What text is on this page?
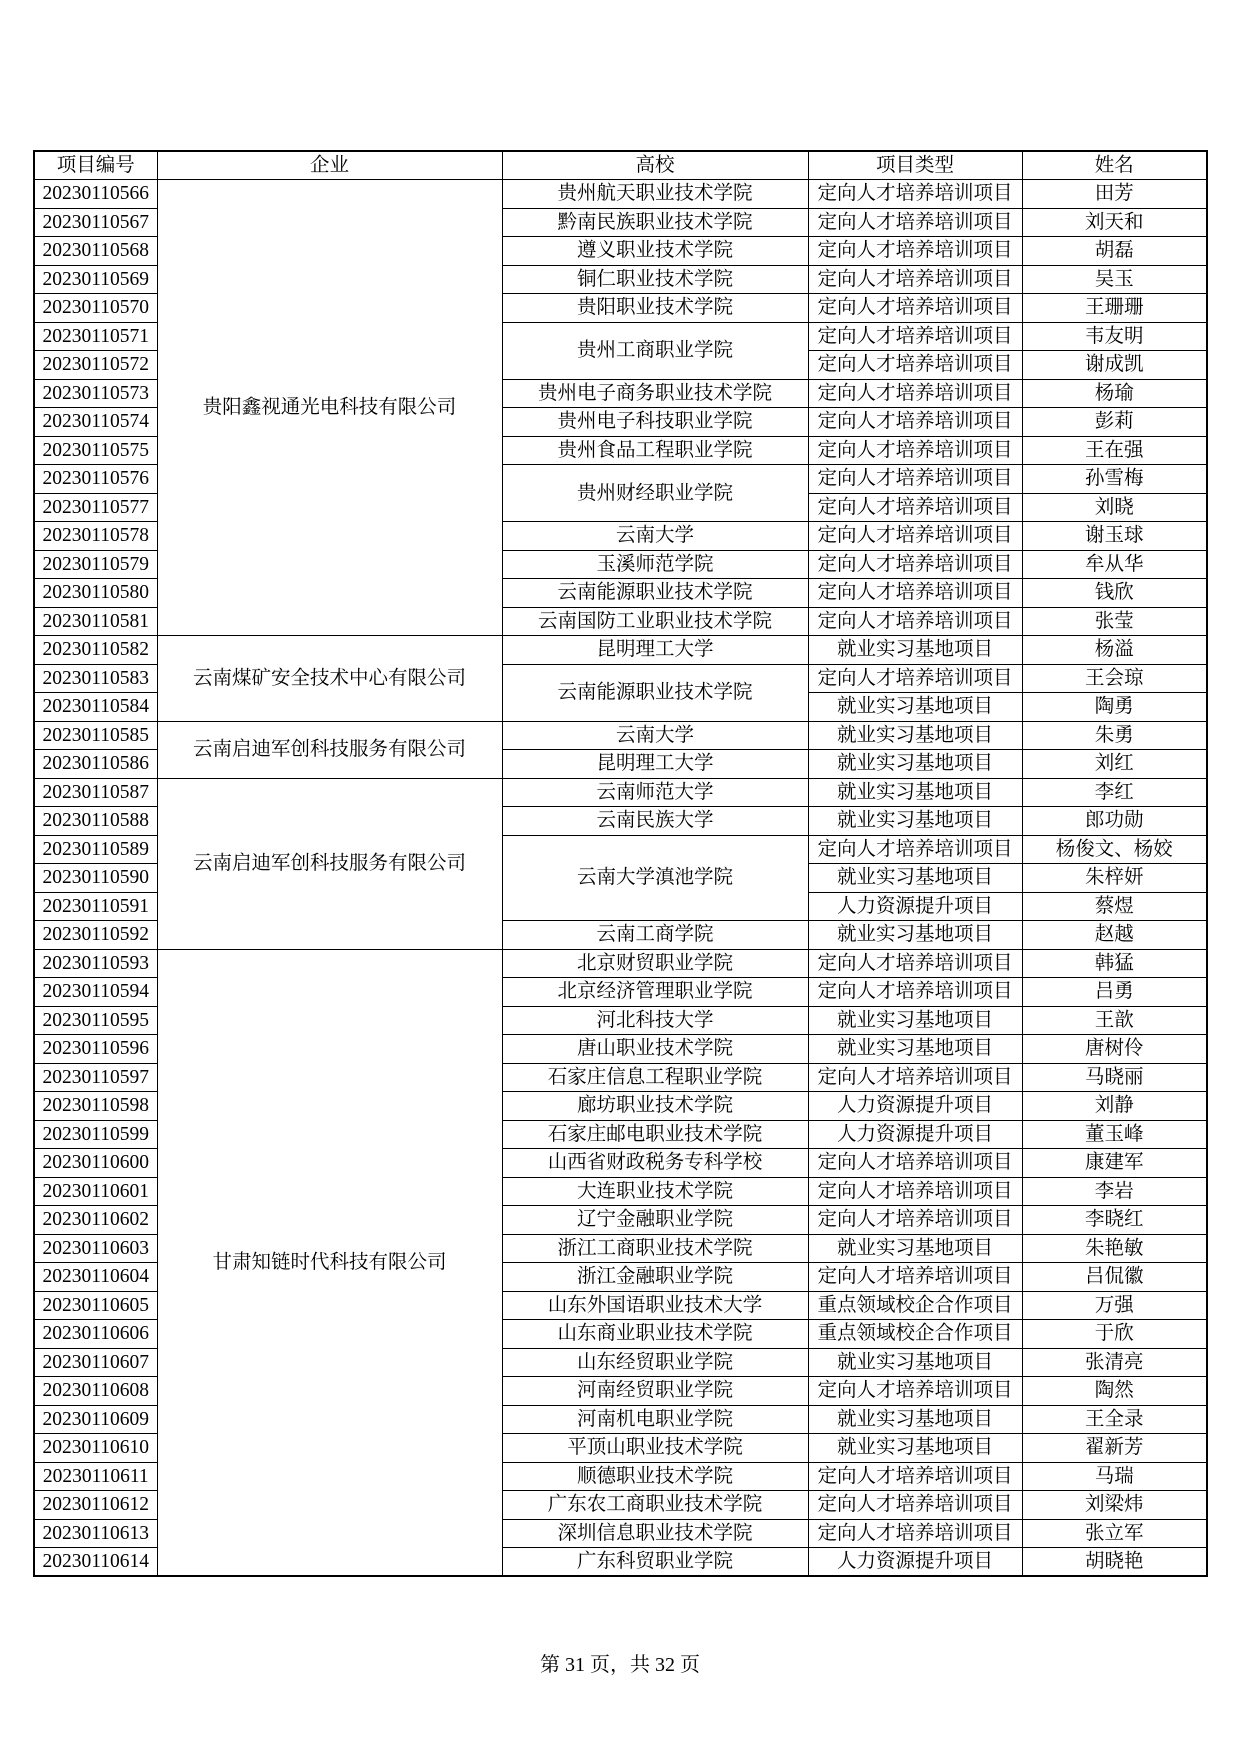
项目编号	企业	高校	项目类型	姓名
20230110566	贵阳鑫视通光电科技有限公司	贵州航天职业技术学院	定向人才培养培训项目	田芳
20230110567		黔南民族职业技术学院	定向人才培养培训项目	刘天和
20230110568		遵义职业技术学院	定向人才培养培训项目	胡磊
20230110569		铜仁职业技术学院	定向人才培养培训项目	吴玉
20230110570		贵阳职业技术学院	定向人才培养培训项目	王珊珊
20230110571		贵州工商职业学院	定向人才培养培训项目	韦友明
20230110572			定向人才培养培训项目	谢成凯
20230110573		贵州电子商务职业技术学院	定向人才培养培训项目	杨瑜
20230110574		贵州电子科技职业学院	定向人才培养培训项目	彭莉
20230110575		贵州食品工程职业学院	定向人才培养培训项目	王在强
20230110576		贵州财经职业学院	定向人才培养培训项目	孙雪梅
20230110577			定向人才培养培训项目	刘晓
20230110578		云南大学	定向人才培养培训项目	谢玉球
20230110579		玉溪师范学院	定向人才培养培训项目	牟从华
20230110580		云南能源职业技术学院	定向人才培养培训项目	钱欣
20230110581		云南国防工业职业技术学院	定向人才培养培训项目	张莹
20230110582	云南煤矿安全技术中心有限公司	昆明理工大学	就业实习基地项目	杨溢
20230110583		云南能源职业技术学院	定向人才培养培训项目	王会琼
20230110584			就业实习基地项目	陶勇
20230110585	云南启迪军创科技服务有限公司	云南大学	就业实习基地项目	朱勇
20230110586		昆明理工大学	就业实习基地项目	刘红
20230110587	云南启迪军创科技服务有限公司	云南师范大学	就业实习基地项目	李红
20230110588		云南民族大学	就业实习基地项目	郎功勋
20230110589		云南大学滇池学院	定向人才培养培训项目	杨俊文、杨姣
20230110590			就业实习基地项目	朱梓妍
20230110591			人力资源提升项目	蔡煜
20230110592		云南工商学院	就业实习基地项目	赵越
20230110593	甘肃知链时代科技有限公司	北京财贸职业学院	定向人才培养培训项目	韩猛
20230110594		北京经济管理职业学院	定向人才培养培训项目	吕勇
20230110595		河北科技大学	就业实习基地项目	王歆
20230110596		唐山职业技术学院	就业实习基地项目	唐树伶
20230110597		石家庄信息工程职业学院	定向人才培养培训项目	马晓丽
20230110598		廊坊职业技术学院	人力资源提升项目	刘静
20230110599		石家庄邮电职业技术学院	人力资源提升项目	董玉峰
20230110600		山西省财政税务专科学校	定向人才培养培训项目	康建军
20230110601		大连职业技术学院	定向人才培养培训项目	李岩
20230110602		辽宁金融职业学院	定向人才培养培训项目	李晓红
20230110603		浙江工商职业技术学院	就业实习基地项目	朱艳敏
20230110604		浙江金融职业学院	定向人才培养培训项目	吕侃徽
20230110605		山东外国语职业技术大学	重点领域校企合作项目	万强
20230110606		山东商业职业技术学院	重点领域校企合作项目	于欣
20230110607		山东经贸职业学院	就业实习基地项目	张清亮
20230110608		河南经贸职业学院	定向人才培养培训项目	陶然
20230110609		河南机电职业学院	就业实习基地项目	王全录
20230110610		平顶山职业技术学院	就业实习基地项目	翟新芳
20230110611		顺德职业技术学院	定向人才培养培训项目	马瑞
20230110612		广东农工商职业技术学院	定向人才培养培训项目	刘梁炜
20230110613		深圳信息职业技术学院	定向人才培养培训项目	张立军
20230110614		广东科贸职业学院	人力资源提升项目	胡晓艳
第 31 页，共 32 页
